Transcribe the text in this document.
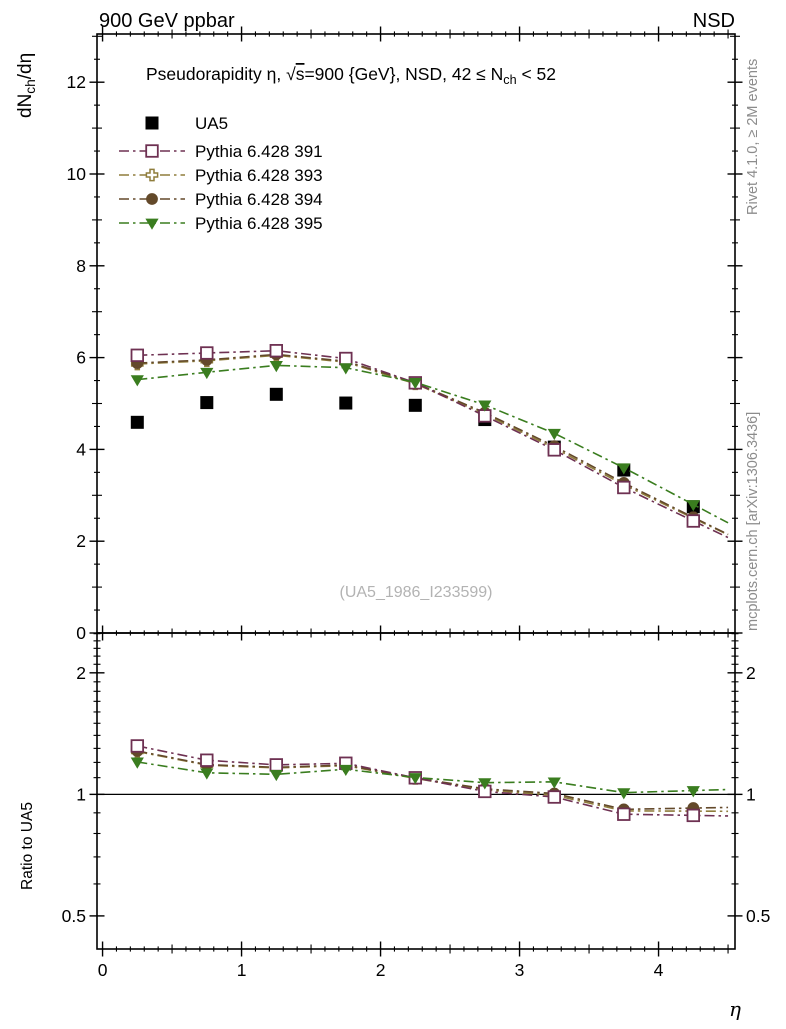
900 GeV ppbar	NSD
Rivet 4.1.0, ≥ 2M events
mcplots.cern.ch [arXiv:1306.3436]
(UA5_1986_I233599)
Ratio to UA5
η
Pseudorapidity η, √s=900 {GeV}, NSD, $42 \le N_{ch} < 52$
$dN_{ch}/d\eta$
0	1	2	3	4
0
2
4
6
8
10
12
0.5	0.5
1	1
2	2
UA5
Pythia 6.428 391
Pythia 6.428 393
Pythia 6.428 394
Pythia 6.428 395
